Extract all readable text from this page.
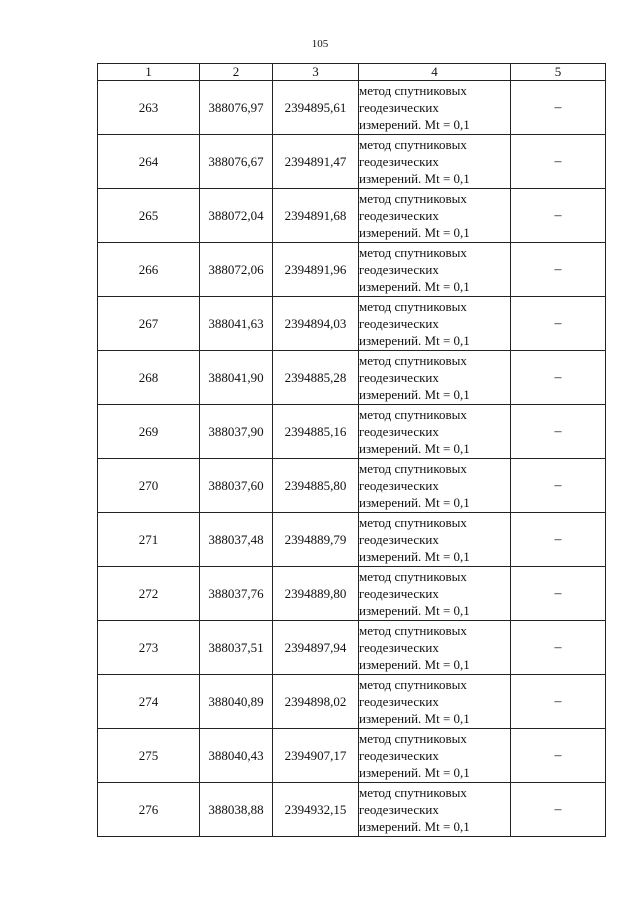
105
1	2	3	4	5
263	388076,97	2394895,61	метод спутниковых
геодезических
измерений. Mt = 0,1	–
264	388076,67	2394891,47	метод спутниковых
геодезических
измерений. Mt = 0,1	–
265	388072,04	2394891,68	метод спутниковых
геодезических
измерений. Mt = 0,1	–
266	388072,06	2394891,96	метод спутниковых
геодезических
измерений. Mt = 0,1	–
267	388041,63	2394894,03	метод спутниковых
геодезических
измерений. Mt = 0,1	–
268	388041,90	2394885,28	метод спутниковых
геодезических
измерений. Mt = 0,1	–
269	388037,90	2394885,16	метод спутниковых
геодезических
измерений. Mt = 0,1	–
270	388037,60	2394885,80	метод спутниковых
геодезических
измерений. Mt = 0,1	–
271	388037,48	2394889,79	метод спутниковых
геодезических
измерений. Mt = 0,1	–
272	388037,76	2394889,80	метод спутниковых
геодезических
измерений. Mt = 0,1	–
273	388037,51	2394897,94	метод спутниковых
геодезических
измерений. Mt = 0,1	–
274	388040,89	2394898,02	метод спутниковых
геодезических
измерений. Mt = 0,1	–
275	388040,43	2394907,17	метод спутниковых
геодезических
измерений. Mt = 0,1	–
276	388038,88	2394932,15	метод спутниковых
геодезических
измерений. Mt = 0,1	–
